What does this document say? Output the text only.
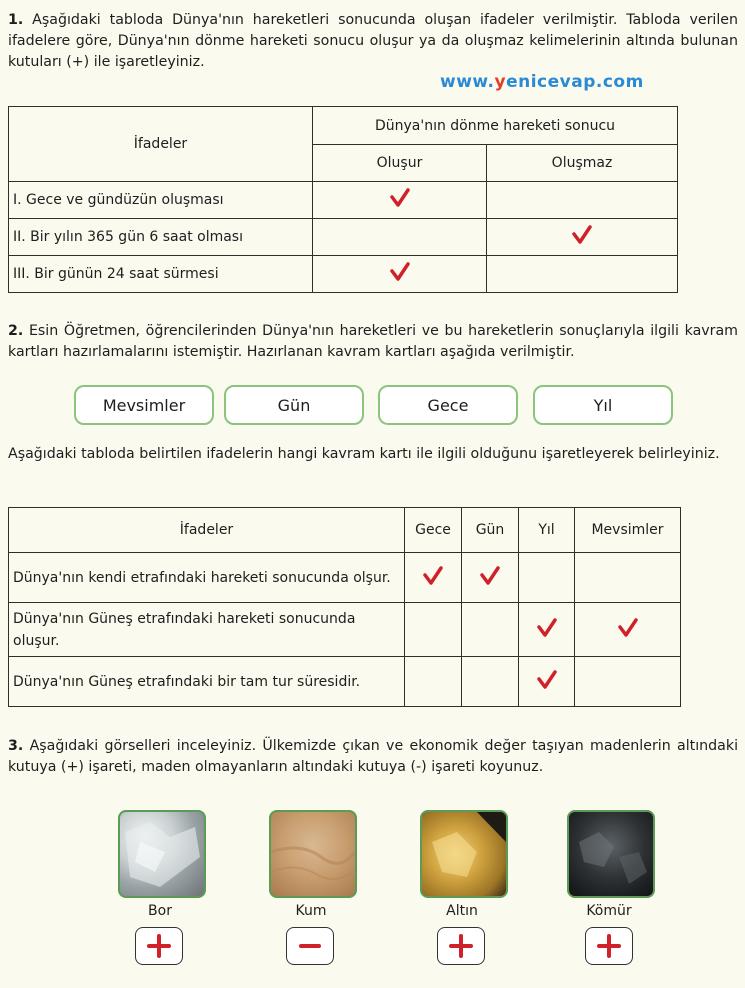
1. Aşağıdaki tabloda Dünya'nın hareketleri sonucunda oluşan ifadeler verilmiştir. Tabloda verilen ifadelere göre, Dünya'nın dönme hareketi sonucu oluşur ya da oluşmaz kelimelerinin altında bulunan kutuları (+) ile işaretleyiniz.
www.yenicevap.com
İfadeler	Dünya'nın dönme hareketi sonucu	
	Oluşur	Oluşmaz
I. Gece ve gündüzün oluşması		
II. Bir yılın 365 gün 6 saat olması		
III. Bir günün 24 saat sürmesi		
2. Esin Öğretmen, öğrencilerinden Dünya'nın hareketleri ve bu hareketlerin sonuçlarıyla ilgili kavram kartları hazırlamalarını istemiştir. Hazırlanan kavram kartları aşağıda verilmiştir.
Mevsimler	Gün	Gece	Yıl
Aşağıdaki tabloda belirtilen ifadelerin hangi kavram kartı ile ilgili olduğunu işaretleyerek belirleyiniz.
İfadeler	Gece	Gün	Yıl	Mevsimler
Dünya'nın kendi etrafındaki hareketi sonucunda olşur.				
Dünya'nın Güneş etrafındaki hareketi sonucunda oluşur.				
Dünya'nın Güneş etrafındaki bir tam tur süresidir.				
3. Aşağıdaki görselleri inceleyiniz. Ülkemizde çıkan ve ekonomik değer taşıyan madenlerin altındaki kutuya (+) işareti, maden olmayanların altındaki kutuya (-) işareti koyunuz.
Bor	Kum	Altın	Kömür
